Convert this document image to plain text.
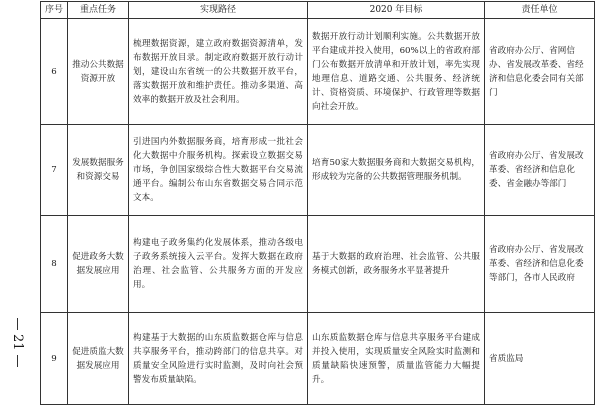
21
序号	重点任务	实现路径	2020 年目标	责任单位
6	推动公共数据资源开放	梳理数据资源，建立政府数据资源清单，发布数据开放目录。制定政府数据开放行动计划，建设山东省统一的公共数据开放平台，落实数据开放和维护责任。推动多渠道、高效率的数据开放及社会利用。	数据开放行动计划顺利实施。公共数据开放平台建成并投入使用，60%以上的省政府部门公布数据开放清单和开放计划，率先实现地理信息、道路交通、公共服务、经济统计、资格资质、环境保护、行政管理等数据向社会开放。	省政府办公厅、省网信办、省发展改革委、省经济和信息化委会同有关部门
7	发展数据服务和资源交易	引进国内外数据服务商，培育形成一批社会化大数据中介服务机构。探索设立数据交易市场，争创国家级综合性大数据平台交易流通平台。编制公布山东省数据交易合同示范文本。	培育50家大数据服务商和大数据交易机构，形成较为完备的公共数据管理服务机制。	省政府办公厅、省发展改革委、省经济和信息化委、省金融办等部门
8	促进政务大数据发展应用	构建电子政务集约化发展体系，推动各级电子政务系统接入云平台。发挥大数据在政府治理、社会监管、公共服务方面的开发应用。	基于大数据的政府治理、社会监管、公共服务模式创新，政务服务水平显著提升	省政府办公厅、省发展改革委、省经济和信息化委等部门，各市人民政府
9	促进质监大数据发展应用	构建基于大数据的山东质监数据仓库与信息共享服务平台，推动跨部门的信息共享。对质量安全风险进行实时监测，及时向社会预警发布质量缺陷。	山东质监数据仓库与信息共享服务平台建成并投入使用，实现质量安全风险实时监测和质量缺陷快速预警，质量监管能力大幅提升。	省质监局
